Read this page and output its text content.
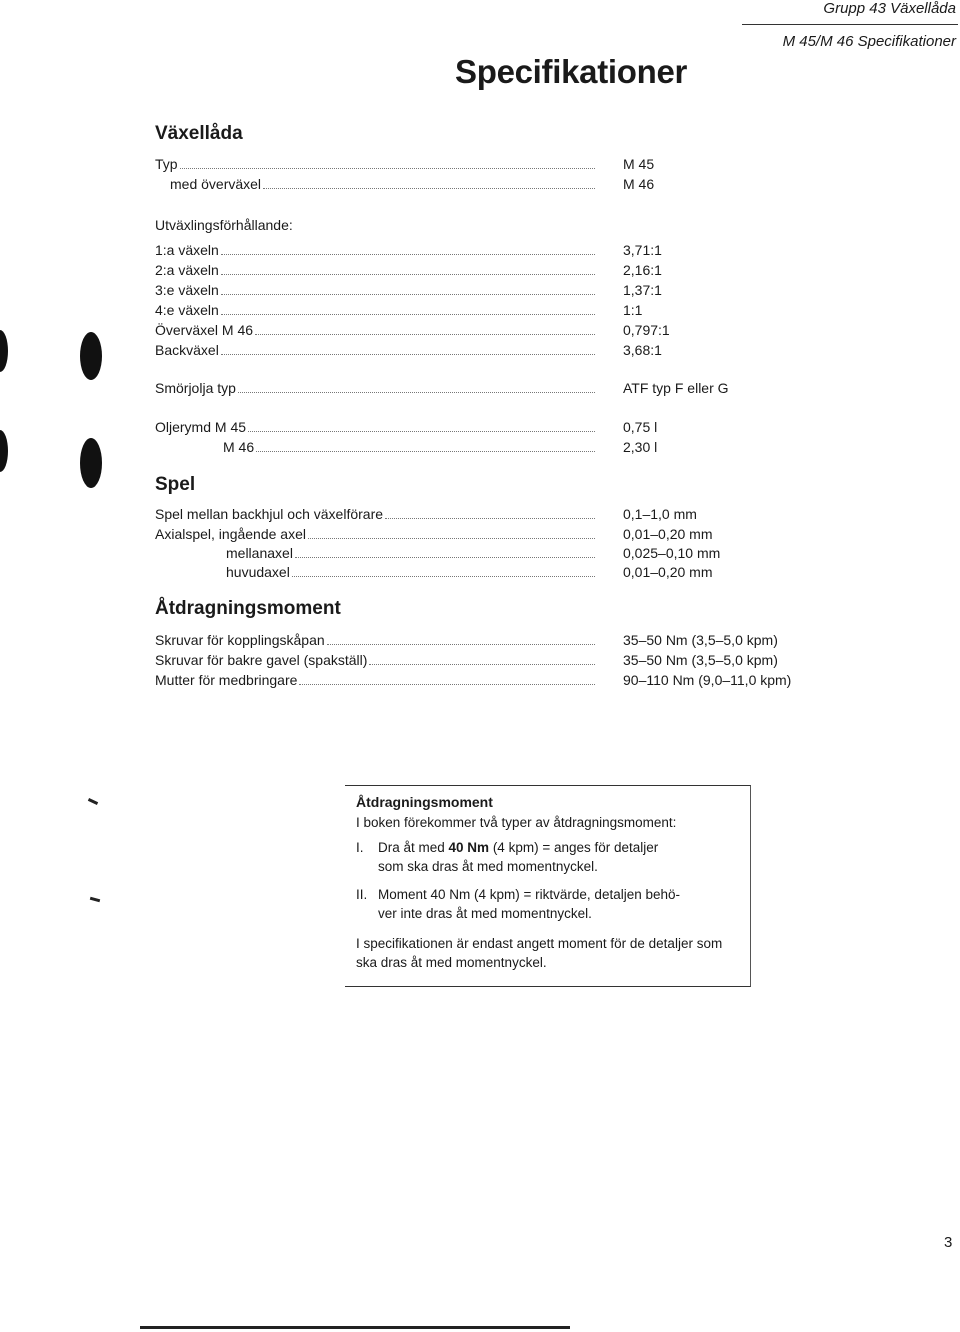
Grupp 43 Växellåda
M 45/M 46 Specifikationer
Specifikationer
Växellåda
Typ	M 45
med överväxel	M 46
Utväxlingsförhållande:
1:a växeln	3,71:1
2:a växeln	2,16:1
3:e växeln	1,37:1
4:e växeln	1:1
Överväxel M 46	0,797:1
Backväxel	3,68:1
Smörjolja typ	ATF typ F eller G
Oljerymd M 45	0,75 l
M 46	2,30 l
Spel
Spel mellan backhjul och växelförare	0,1–1,0 mm
Axialspel, ingående axel	0,01–0,20 mm
mellanaxel	0,025–0,10 mm
huvudaxel	0,01–0,20 mm
Åtdragningsmoment
Skruvar för kopplingskåpan	35–50 Nm (3,5–5,0 kpm)
Skruvar för bakre gavel (spakställ)	35–50 Nm (3,5–5,0 kpm)
Mutter för medbringare	90–110 Nm (9,0–11,0 kpm)
Åtdragningsmoment
I boken förekommer två typer av åtdragningsmoment:
I. Dra åt med 40 Nm (4 kpm) = anges för detaljer
som ska dras åt med momentnyckel.
II. Moment 40 Nm (4 kpm) = riktvärde, detaljen behö-
ver inte dras åt med momentnyckel.
I specifikationen är endast angett moment för de detaljer som ska dras åt med momentnyckel.
3
